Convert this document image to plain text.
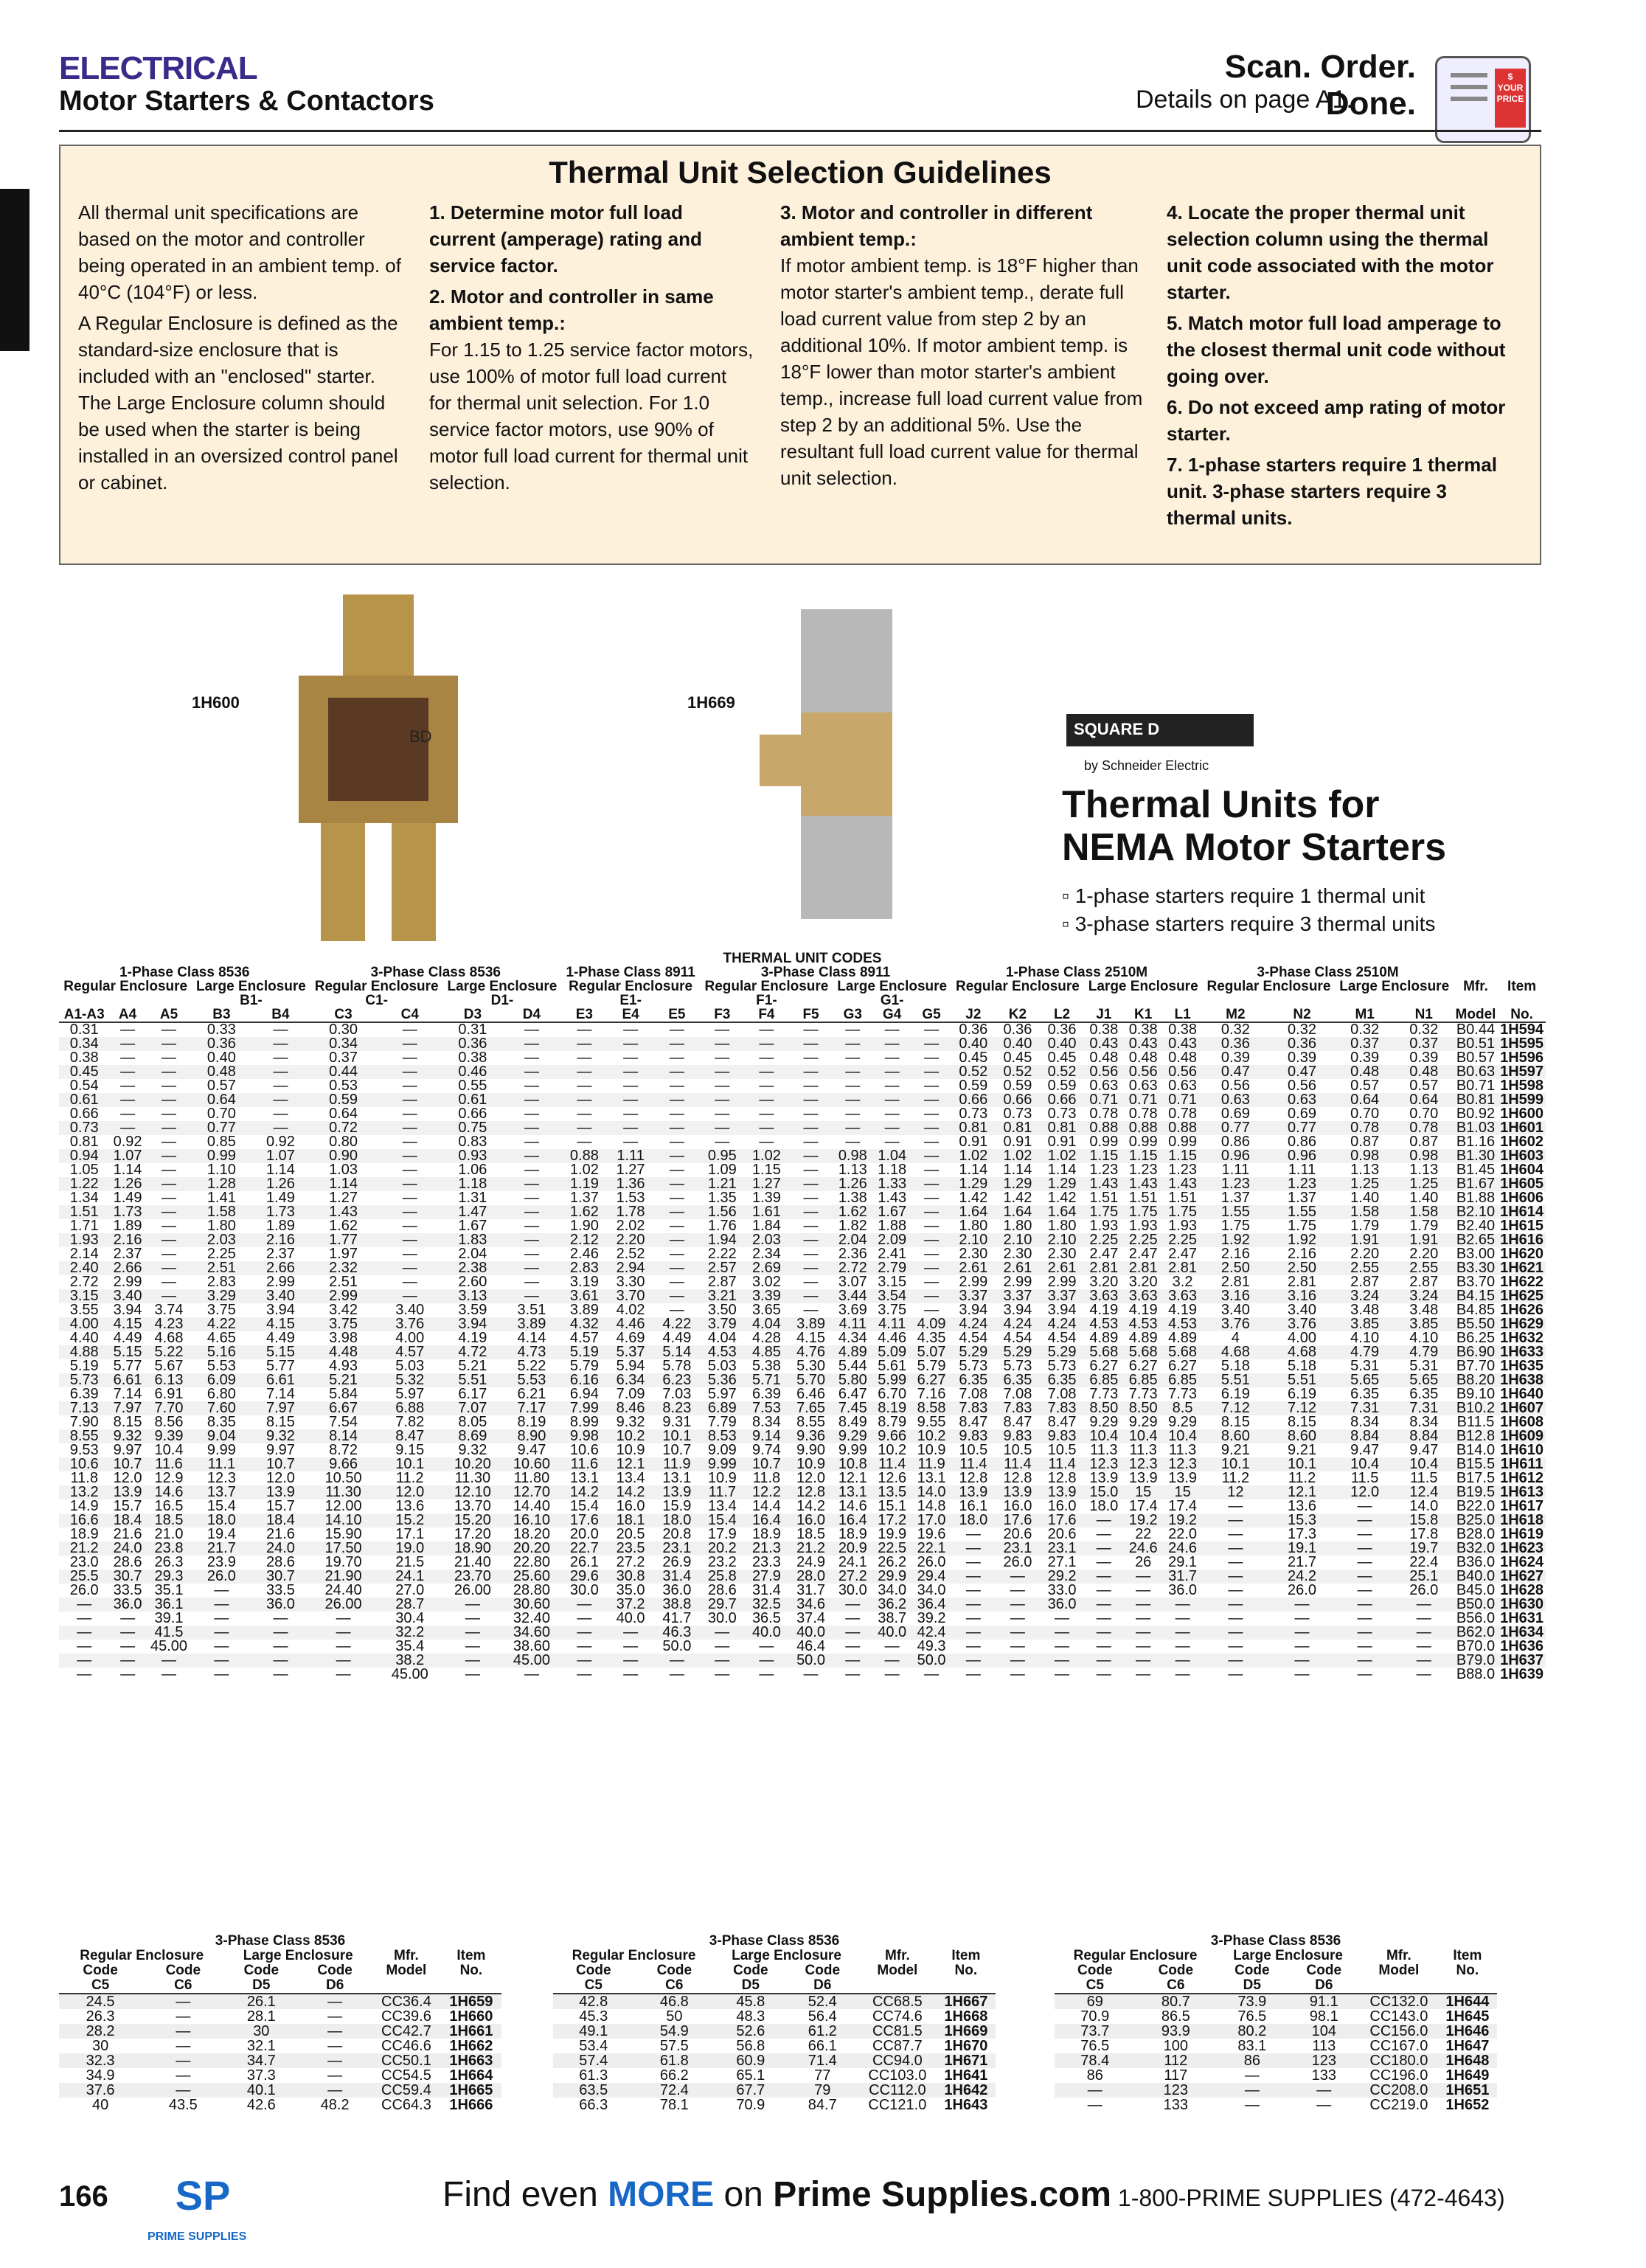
ELECTRICAL
Motor Starters & Contactors
Scan. Order. Done.
Details on page A1.
$ YOUR PRICE
Thermal Unit Selection Guidelines
All thermal unit specifications are based on the motor and controller being operated in an ambient temp. of 40°C (104°F) or less.
A Regular Enclosure is defined as the standard-size enclosure that is included with an "enclosed" starter. The Large Enclosure column should be used when the starter is being installed in an oversized control panel or cabinet.
1. Determine motor full load current (amperage) rating and service factor.
2. Motor and controller in same ambient temp.:
For 1.15 to 1.25 service factor motors, use 100% of motor full load current for thermal unit selection. For 1.0 service factor motors, use 90% of motor full load current for thermal unit selection.
3. Motor and controller in different ambient temp.:
If motor ambient temp. is 18°F higher than motor starter's ambient temp., derate full load current value from step 2 by an additional 10%. If motor ambient temp. is 18°F lower than motor starter's ambient temp., increase full load current value from step 2 by an additional 5%. Use the resultant full load current value for thermal unit selection.
4. Locate the proper thermal unit selection column using the thermal unit code associated with the motor starter.
5. Match motor full load amperage to the closest thermal unit code without going over.
6. Do not exceed amp rating of motor starter.
7. 1-phase starters require 1 thermal unit. 3-phase starters require 3 thermal units.
1H600
BD
1H669
SQUARE D
by Schneider Electric
Thermal Units for
NEMA Motor Starters
▫ 1-phase starters require 1 thermal unit
▫ 3-phase starters require 3 thermal units
THERMAL UNIT CODES																													
1-Phase Class 8536					3-Phase Class 8536				1-Phase Class 8911			3-Phase Class 8911						1-Phase Class 2510M						3-Phase Class 2510M					
Regular Enclosure			Large Enclosure		Regular Enclosure		Large Enclosure		Regular Enclosure			Regular Enclosure			Large Enclosure			Regular Enclosure			Large Enclosure			Regular Enclosure		Large Enclosure		Mfr.	Item
			B1-		C1-		D1-		E1-			F1-			G1-														
A1-A3	A4	A5	B3	B4	C3	C4	D3	D4	E3	E4	E5	F3	F4	F5	G3	G4	G5	J2	K2	L2	J1	K1	L1	M2	N2	M1	N1	Model	No.
0.31	—	—	0.33	—	0.30	—	0.31	—	—	—	—	—	—	—	—	—	—	0.36	0.36	0.36	0.38	0.38	0.38	0.32	0.32	0.32	0.32	B0.44	1H594
0.34	—	—	0.36	—	0.34	—	0.36	—	—	—	—	—	—	—	—	—	—	0.40	0.40	0.40	0.43	0.43	0.43	0.36	0.36	0.37	0.37	B0.51	1H595
0.38	—	—	0.40	—	0.37	—	0.38	—	—	—	—	—	—	—	—	—	—	0.45	0.45	0.45	0.48	0.48	0.48	0.39	0.39	0.39	0.39	B0.57	1H596
0.45	—	—	0.48	—	0.44	—	0.46	—	—	—	—	—	—	—	—	—	—	0.52	0.52	0.52	0.56	0.56	0.56	0.47	0.47	0.48	0.48	B0.63	1H597
0.54	—	—	0.57	—	0.53	—	0.55	—	—	—	—	—	—	—	—	—	—	0.59	0.59	0.59	0.63	0.63	0.63	0.56	0.56	0.57	0.57	B0.71	1H598
0.61	—	—	0.64	—	0.59	—	0.61	—	—	—	—	—	—	—	—	—	—	0.66	0.66	0.66	0.71	0.71	0.71	0.63	0.63	0.64	0.64	B0.81	1H599
0.66	—	—	0.70	—	0.64	—	0.66	—	—	—	—	—	—	—	—	—	—	0.73	0.73	0.73	0.78	0.78	0.78	0.69	0.69	0.70	0.70	B0.92	1H600
0.73	—	—	0.77	—	0.72	—	0.75	—	—	—	—	—	—	—	—	—	—	0.81	0.81	0.81	0.88	0.88	0.88	0.77	0.77	0.78	0.78	B1.03	1H601
0.81	0.92	—	0.85	0.92	0.80	—	0.83	—	—	—	—	—	—	—	—	—	—	0.91	0.91	0.91	0.99	0.99	0.99	0.86	0.86	0.87	0.87	B1.16	1H602
0.94	1.07	—	0.99	1.07	0.90	—	0.93	—	0.88	1.11	—	0.95	1.02	—	0.98	1.04	—	1.02	1.02	1.02	1.15	1.15	1.15	0.96	0.96	0.98	0.98	B1.30	1H603
1.05	1.14	—	1.10	1.14	1.03	—	1.06	—	1.02	1.27	—	1.09	1.15	—	1.13	1.18	—	1.14	1.14	1.14	1.23	1.23	1.23	1.11	1.11	1.13	1.13	B1.45	1H604
1.22	1.26	—	1.28	1.26	1.14	—	1.18	—	1.19	1.36	—	1.21	1.27	—	1.26	1.33	—	1.29	1.29	1.29	1.43	1.43	1.43	1.23	1.23	1.25	1.25	B1.67	1H605
1.34	1.49	—	1.41	1.49	1.27	—	1.31	—	1.37	1.53	—	1.35	1.39	—	1.38	1.43	—	1.42	1.42	1.42	1.51	1.51	1.51	1.37	1.37	1.40	1.40	B1.88	1H606
1.51	1.73	—	1.58	1.73	1.43	—	1.47	—	1.62	1.78	—	1.56	1.61	—	1.62	1.67	—	1.64	1.64	1.64	1.75	1.75	1.75	1.55	1.55	1.58	1.58	B2.10	1H614
1.71	1.89	—	1.80	1.89	1.62	—	1.67	—	1.90	2.02	—	1.76	1.84	—	1.82	1.88	—	1.80	1.80	1.80	1.93	1.93	1.93	1.75	1.75	1.79	1.79	B2.40	1H615
1.93	2.16	—	2.03	2.16	1.77	—	1.83	—	2.12	2.20	—	1.94	2.03	—	2.04	2.09	—	2.10	2.10	2.10	2.25	2.25	2.25	1.92	1.92	1.91	1.91	B2.65	1H616
2.14	2.37	—	2.25	2.37	1.97	—	2.04	—	2.46	2.52	—	2.22	2.34	—	2.36	2.41	—	2.30	2.30	2.30	2.47	2.47	2.47	2.16	2.16	2.20	2.20	B3.00	1H620
2.40	2.66	—	2.51	2.66	2.32	—	2.38	—	2.83	2.94	—	2.57	2.69	—	2.72	2.79	—	2.61	2.61	2.61	2.81	2.81	2.81	2.50	2.50	2.55	2.55	B3.30	1H621
2.72	2.99	—	2.83	2.99	2.51	—	2.60	—	3.19	3.30	—	2.87	3.02	—	3.07	3.15	—	2.99	2.99	2.99	3.20	3.20	3.2	2.81	2.81	2.87	2.87	B3.70	1H622
3.15	3.40	—	3.29	3.40	2.99	—	3.13	—	3.61	3.70	—	3.21	3.39	—	3.44	3.54	—	3.37	3.37	3.37	3.63	3.63	3.63	3.16	3.16	3.24	3.24	B4.15	1H625
3.55	3.94	3.74	3.75	3.94	3.42	3.40	3.59	3.51	3.89	4.02	—	3.50	3.65	—	3.69	3.75	—	3.94	3.94	3.94	4.19	4.19	4.19	3.40	3.40	3.48	3.48	B4.85	1H626
4.00	4.15	4.23	4.22	4.15	3.75	3.76	3.94	3.89	4.32	4.46	4.22	3.79	4.04	3.89	4.11	4.11	4.09	4.24	4.24	4.24	4.53	4.53	4.53	3.76	3.76	3.85	3.85	B5.50	1H629
4.40	4.49	4.68	4.65	4.49	3.98	4.00	4.19	4.14	4.57	4.69	4.49	4.04	4.28	4.15	4.34	4.46	4.35	4.54	4.54	4.54	4.89	4.89	4.89	4	4.00	4.10	4.10	B6.25	1H632
4.88	5.15	5.22	5.16	5.15	4.48	4.57	4.72	4.73	5.19	5.37	5.14	4.53	4.85	4.76	4.89	5.09	5.07	5.29	5.29	5.29	5.68	5.68	5.68	4.68	4.68	4.79	4.79	B6.90	1H633
5.19	5.77	5.67	5.53	5.77	4.93	5.03	5.21	5.22	5.79	5.94	5.78	5.03	5.38	5.30	5.44	5.61	5.79	5.73	5.73	5.73	6.27	6.27	6.27	5.18	5.18	5.31	5.31	B7.70	1H635
5.73	6.61	6.13	6.09	6.61	5.21	5.32	5.51	5.53	6.16	6.34	6.23	5.36	5.71	5.70	5.80	5.99	6.27	6.35	6.35	6.35	6.85	6.85	6.85	5.51	5.51	5.65	5.65	B8.20	1H638
6.39	7.14	6.91	6.80	7.14	5.84	5.97	6.17	6.21	6.94	7.09	7.03	5.97	6.39	6.46	6.47	6.70	7.16	7.08	7.08	7.08	7.73	7.73	7.73	6.19	6.19	6.35	6.35	B9.10	1H640
7.13	7.97	7.70	7.60	7.97	6.67	6.88	7.07	7.17	7.99	8.46	8.23	6.89	7.53	7.65	7.45	8.19	8.58	7.83	7.83	7.83	8.50	8.50	8.5	7.12	7.12	7.31	7.31	B10.2	1H607
7.90	8.15	8.56	8.35	8.15	7.54	7.82	8.05	8.19	8.99	9.32	9.31	7.79	8.34	8.55	8.49	8.79	9.55	8.47	8.47	8.47	9.29	9.29	9.29	8.15	8.15	8.34	8.34	B11.5	1H608
8.55	9.32	9.39	9.04	9.32	8.14	8.47	8.69	8.90	9.98	10.2	10.1	8.53	9.14	9.36	9.29	9.66	10.2	9.83	9.83	9.83	10.4	10.4	10.4	8.60	8.60	8.84	8.84	B12.8	1H609
9.53	9.97	10.4	9.99	9.97	8.72	9.15	9.32	9.47	10.6	10.9	10.7	9.09	9.74	9.90	9.99	10.2	10.9	10.5	10.5	10.5	11.3	11.3	11.3	9.21	9.21	9.47	9.47	B14.0	1H610
10.6	10.7	11.6	11.1	10.7	9.66	10.1	10.20	10.60	11.6	12.1	11.9	9.99	10.7	10.9	10.8	11.4	11.9	11.4	11.4	11.4	12.3	12.3	12.3	10.1	10.1	10.4	10.4	B15.5	1H611
11.8	12.0	12.9	12.3	12.0	10.50	11.2	11.30	11.80	13.1	13.4	13.1	10.9	11.8	12.0	12.1	12.6	13.1	12.8	12.8	12.8	13.9	13.9	13.9	11.2	11.2	11.5	11.5	B17.5	1H612
13.2	13.9	14.6	13.7	13.9	11.30	12.0	12.10	12.70	14.2	14.2	13.9	11.7	12.2	12.8	13.1	13.5	14.0	13.9	13.9	13.9	15.0	15	15	12	12.1	12.0	12.4	B19.5	1H613
14.9	15.7	16.5	15.4	15.7	12.00	13.6	13.70	14.40	15.4	16.0	15.9	13.4	14.4	14.2	14.6	15.1	14.8	16.1	16.0	16.0	18.0	17.4	17.4	—	13.6	—	14.0	B22.0	1H617
16.6	18.4	18.5	18.0	18.4	14.10	15.2	15.20	16.10	17.6	18.1	18.0	15.4	16.4	16.0	16.4	17.2	17.0	18.0	17.6	17.6	—	19.2	19.2	—	15.3	—	15.8	B25.0	1H618
18.9	21.6	21.0	19.4	21.6	15.90	17.1	17.20	18.20	20.0	20.5	20.8	17.9	18.9	18.5	18.9	19.9	19.6	—	20.6	20.6	—	22	22.0	—	17.3	—	17.8	B28.0	1H619
21.2	24.0	23.8	21.7	24.0	17.50	19.0	18.90	20.20	22.7	23.5	23.1	20.2	21.3	21.2	20.9	22.5	22.1	—	23.1	23.1	—	24.6	24.6	—	19.1	—	19.7	B32.0	1H623
23.0	28.6	26.3	23.9	28.6	19.70	21.5	21.40	22.80	26.1	27.2	26.9	23.2	23.3	24.9	24.1	26.2	26.0	—	26.0	27.1	—	26	29.1	—	21.7	—	22.4	B36.0	1H624
25.5	30.7	29.3	26.0	30.7	21.90	24.1	23.70	25.60	29.6	30.8	31.4	25.8	27.9	28.0	27.2	29.9	29.4	—	—	29.2	—	—	31.7	—	24.2	—	25.1	B40.0	1H627
26.0	33.5	35.1	—	33.5	24.40	27.0	26.00	28.80	30.0	35.0	36.0	28.6	31.4	31.7	30.0	34.0	34.0	—	—	33.0	—	—	36.0	—	26.0	—	26.0	B45.0	1H628
—	36.0	36.1	—	36.0	26.00	28.7	—	30.60	—	37.2	38.8	29.7	32.5	34.6	—	36.2	36.4	—	—	36.0	—	—	—	—	—	—	—	B50.0	1H630
—	—	39.1	—	—	—	30.4	—	32.40	—	40.0	41.7	30.0	36.5	37.4	—	38.7	39.2	—	—	—	—	—	—	—	—	—	—	B56.0	1H631
—	—	41.5	—	—	—	32.2	—	34.60	—	—	46.3	—	40.0	40.0	—	40.0	42.4	—	—	—	—	—	—	—	—	—	—	B62.0	1H634
—	—	45.00	—	—	—	35.4	—	38.60	—	—	50.0	—	—	46.4	—	—	49.3	—	—	—	—	—	—	—	—	—	—	B70.0	1H636
—	—	—	—	—	—	38.2	—	45.00	—	—	—	—	—	50.0	—	—	50.0	—	—	—	—	—	—	—	—	—	—	B79.0	1H637
—	—	—	—	—	—	45.00	—	—	—	—	—	—	—	—	—	—	—	—	—	—	—	—	—	—	—	—	—	B88.0	1H639
3-Phase Class 8536					
Regular Enclosure		Large Enclosure		Mfr.	Item
Code	Code	Code	Code	Model	No.
C5	C6	D5	D6		
24.5	—	26.1	—	CC36.4	1H659
26.3	—	28.1	—	CC39.6	1H660
28.2	—	30	—	CC42.7	1H661
30	—	32.1	—	CC46.6	1H662
32.3	—	34.7	—	CC50.1	1H663
34.9	—	37.3	—	CC54.5	1H664
37.6	—	40.1	—	CC59.4	1H665
40	43.5	42.6	48.2	CC64.3	1H666
3-Phase Class 8536					
Regular Enclosure		Large Enclosure		Mfr.	Item
Code	Code	Code	Code	Model	No.
C5	C6	D5	D6		
42.8	46.8	45.8	52.4	CC68.5	1H667
45.3	50	48.3	56.4	CC74.6	1H668
49.1	54.9	52.6	61.2	CC81.5	1H669
53.4	57.5	56.8	66.1	CC87.7	1H670
57.4	61.8	60.9	71.4	CC94.0	1H671
61.3	66.2	65.1	77	CC103.0	1H641
63.5	72.4	67.7	79	CC112.0	1H642
66.3	78.1	70.9	84.7	CC121.0	1H643
3-Phase Class 8536					
Regular Enclosure		Large Enclosure		Mfr.	Item
Code	Code	Code	Code	Model	No.
C5	C6	D5	D6		
69	80.7	73.9	91.1	CC132.0	1H644
70.9	86.5	76.5	98.1	CC143.0	1H645
73.7	93.9	80.2	104	CC156.0	1H646
76.5	100	83.1	113	CC167.0	1H647
78.4	112	86	123	CC180.0	1H648
86	117	—	133	CC196.0	1H649
—	123	—	—	CC208.0	1H651
—	133	—	—	CC219.0	1H652
166	SP
PRIME SUPPLIES
Find even MORE on Prime Supplies.com 1-800-PRIME SUPPLIES (472-4643)
